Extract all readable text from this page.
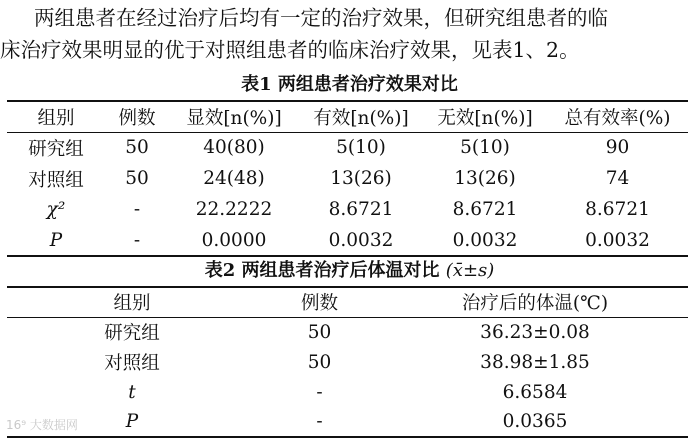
两组患者在经过治疗后均有一定的治疗效果，但研究组患者的临
床治疗效果明显的优于对照组患者的临床治疗效果，见表1、2。
表1 两组患者治疗效果对比
组别	例数	显效[n(%)]	有效[n(%)]	无效[n(%)]	总有效率(%)
研究组	50	40(80)	5(10)	5(10)	90
对照组	50	24(48)	13(26)	13(26)	74
χ²	-	22.2222	8.6721	8.6721	8.6721
P	-	0.0000	0.0032	0.0032	0.0032
表2 两组患者治疗后体温对比 (x̄±s)
组别	例数	治疗后的体温(℃)
研究组	50	36.23±0.08
对照组	50	38.98±1.85
t	-	6.6584
P	-	0.0365
16⁹ 大数据网
